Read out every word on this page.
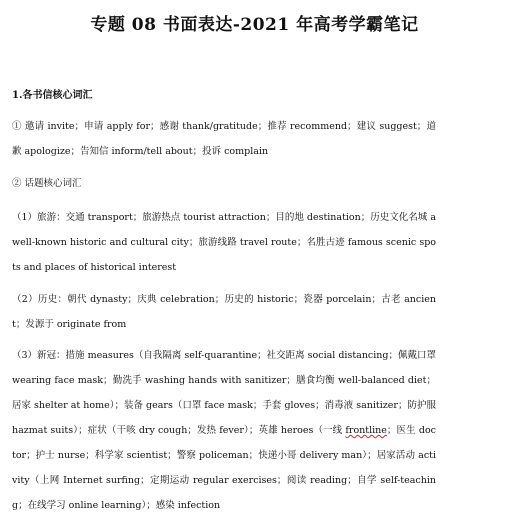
专题 08 书面表达-2021 年高考学霸笔记
1.各书信核心词汇
① 邀请 invite；申请 apply for；感谢 thank/gratitude；推荐 recommend；建议 suggest；道歉 apologize；告知信 inform/tell about；投诉 complain
② 话题核心词汇
（1）旅游：交通 transport；旅游热点 tourist attraction；目的地 destination；历史文化名城 a well-known historic and cultural city；旅游线路 travel route；名胜古迹 famous scenic spots and places of historical interest
（2）历史：朝代 dynasty；庆典 celebration；历史的 historic；瓷器 porcelain；古老 ancient；发源于 originate from
（3）新冠：措施 measures（自我隔离 self-quarantine；社交距离 social distancing；佩戴口罩 wearing face mask；勤洗手 washing hands with sanitizer；膳食均衡 well-balanced diet；居家 shelter at home）；装备 gears（口罩 face mask；手套 gloves；消毒液 sanitizer；防护服 hazmat suits）；症状（干咳 dry cough；发热 fever）；英雄 heroes（一线 frontline；医生 doctor；护士 nurse；科学家 scientist；警察 policeman；快递小哥 delivery man）；居家活动 activity（上网 Internet surfing；定期运动 regular exercises；阅读 reading；自学 self-teaching；在线学习 online learning）；感染 infection
